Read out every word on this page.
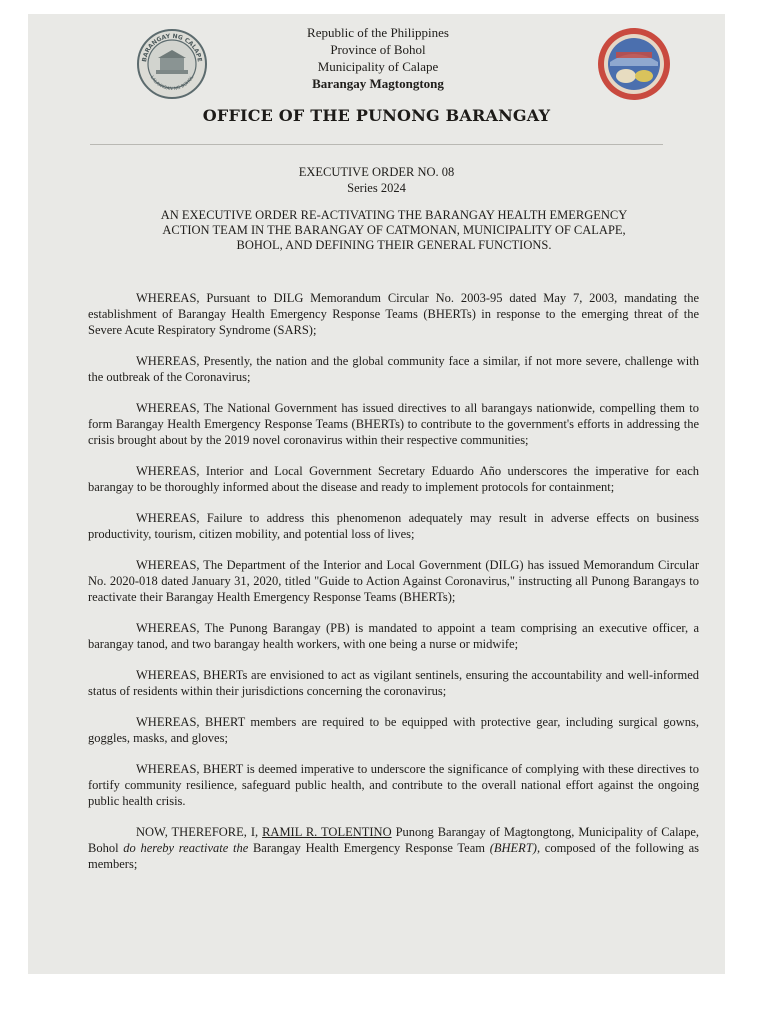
BARANGAY NG CALAPE
LALAWIGAN NG BOHOL
Republic of the Philippines
Province of Bohol
Municipality of Calape
Barangay Magtongtong
OFFICE OF THE PUNONG BARANGAY
EXECUTIVE ORDER NO. 08
Series 2024
AN EXECUTIVE ORDER RE-ACTIVATING THE BARANGAY HEALTH EMERGENCY ACTION TEAM IN THE BARANGAY OF CATMONAN, MUNICIPALITY OF CALAPE, BOHOL, AND DEFINING THEIR GENERAL FUNCTIONS.

WHEREAS, Pursuant to DILG Memorandum Circular No. 2003-95 dated May 7, 2003, mandating the establishment of Barangay Health Emergency Response Teams (BHERTs) in response to the emerging threat of the Severe Acute Respiratory Syndrome (SARS);

WHEREAS, Presently, the nation and the global community face a similar, if not more severe, challenge with the outbreak of the Coronavirus;

WHEREAS, The National Government has issued directives to all barangays nationwide, compelling them to form Barangay Health Emergency Response Teams (BHERTs) to contribute to the government's efforts in addressing the crisis brought about by the 2019 novel coronavirus within their respective communities;

WHEREAS, Interior and Local Government Secretary Eduardo Año underscores the imperative for each barangay to be thoroughly informed about the disease and ready to implement protocols for containment;

WHEREAS, Failure to address this phenomenon adequately may result in adverse effects on business productivity, tourism, citizen mobility, and potential loss of lives;

WHEREAS, The Department of the Interior and Local Government (DILG) has issued Memorandum Circular No. 2020-018 dated January 31, 2020, titled "Guide to Action Against Coronavirus," instructing all Punong Barangays to reactivate their Barangay Health Emergency Response Teams (BHERTs);

WHEREAS, The Punong Barangay (PB) is mandated to appoint a team comprising an executive officer, a barangay tanod, and two barangay health workers, with one being a nurse or midwife;

WHEREAS, BHERTs are envisioned to act as vigilant sentinels, ensuring the accountability and well-informed status of residents within their jurisdictions concerning the coronavirus;

WHEREAS, BHERT members are required to be equipped with protective gear, including surgical gowns, goggles, masks, and gloves;

WHEREAS, BHERT is deemed imperative to underscore the significance of complying with these directives to fortify community resilience, safeguard public health, and contribute to the overall national effort against the ongoing public health crisis.

NOW, THEREFORE, I, RAMIL R. TOLENTINO Punong Barangay of Magtongtong, Municipality of Calape, Bohol do hereby reactivate the Barangay Health Emergency Response Team (BHERT), composed of the following as members;
